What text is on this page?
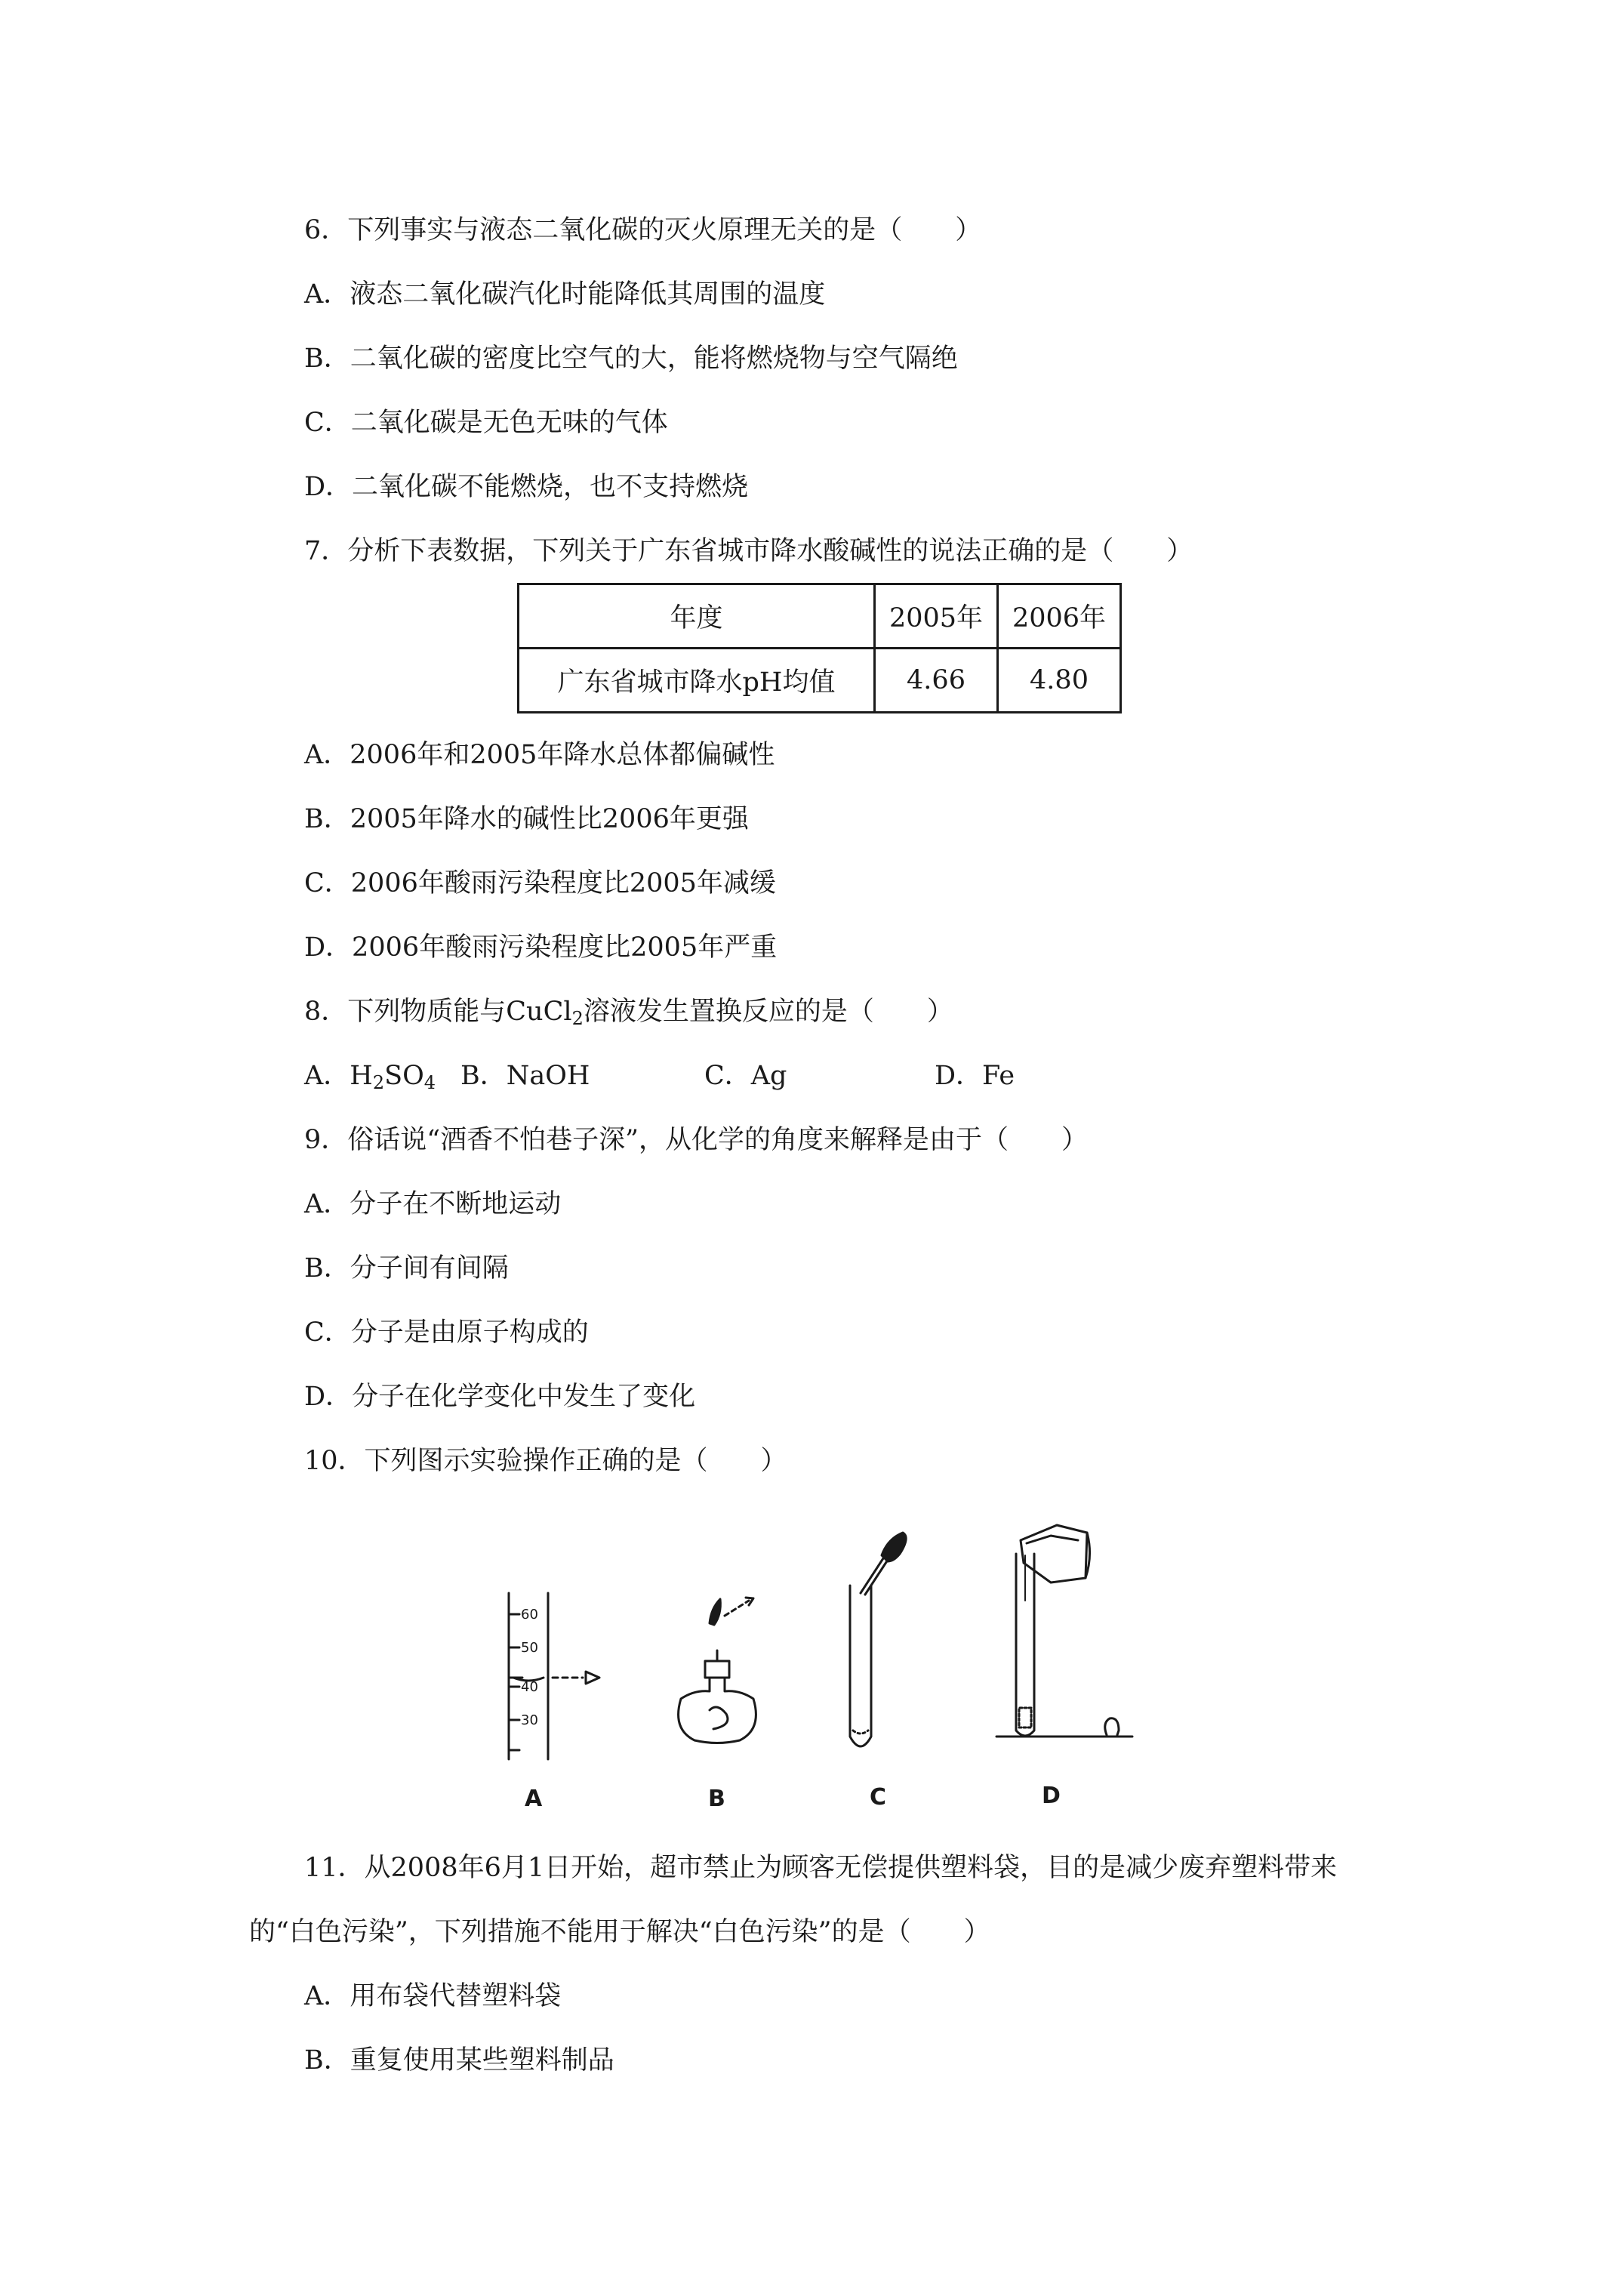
6．下列事实与液态二氧化碳的灭火原理无关的是（　　）
A．液态二氧化碳汽化时能降低其周围的温度
B．二氧化碳的密度比空气的大，能将燃烧物与空气隔绝
C．二氧化碳是无色无味的气体
D．二氧化碳不能燃烧，也不支持燃烧
7．分析下表数据，下列关于广东省城市降水酸碱性的说法正确的是（　　）
年度	2005年	2006年
广东省城市降水pH均值	4.66	4.80
A．2006年和2005年降水总体都偏碱性
B．2005年降水的碱性比2006年更强
C．2006年酸雨污染程度比2005年减缓
D．2006年酸雨污染程度比2005年严重
8．下列物质能与CuCl$_2$溶液发生置换反应的是（　　）
A．$H_2SO_4$ B．NaOH	C．Ag	D．Fe
9．俗话说“酒香不怕巷子深”，从化学的角度来解释是由于（　　）
A．分子在不断地运动
B．分子间有间隔
C．分子是由原子构成的
D．分子在化学变化中发生了变化
10．下列图示实验操作正确的是（　　）
60
50
40
30
A	B	C	D
11．从2008年6月1日开始，超市禁止为顾客无偿提供塑料袋，目的是减少废弃塑料带来
的“白色污染”，下列措施不能用于解决“白色污染”的是（　　）
A．用布袋代替塑料袋
B．重复使用某些塑料制品
